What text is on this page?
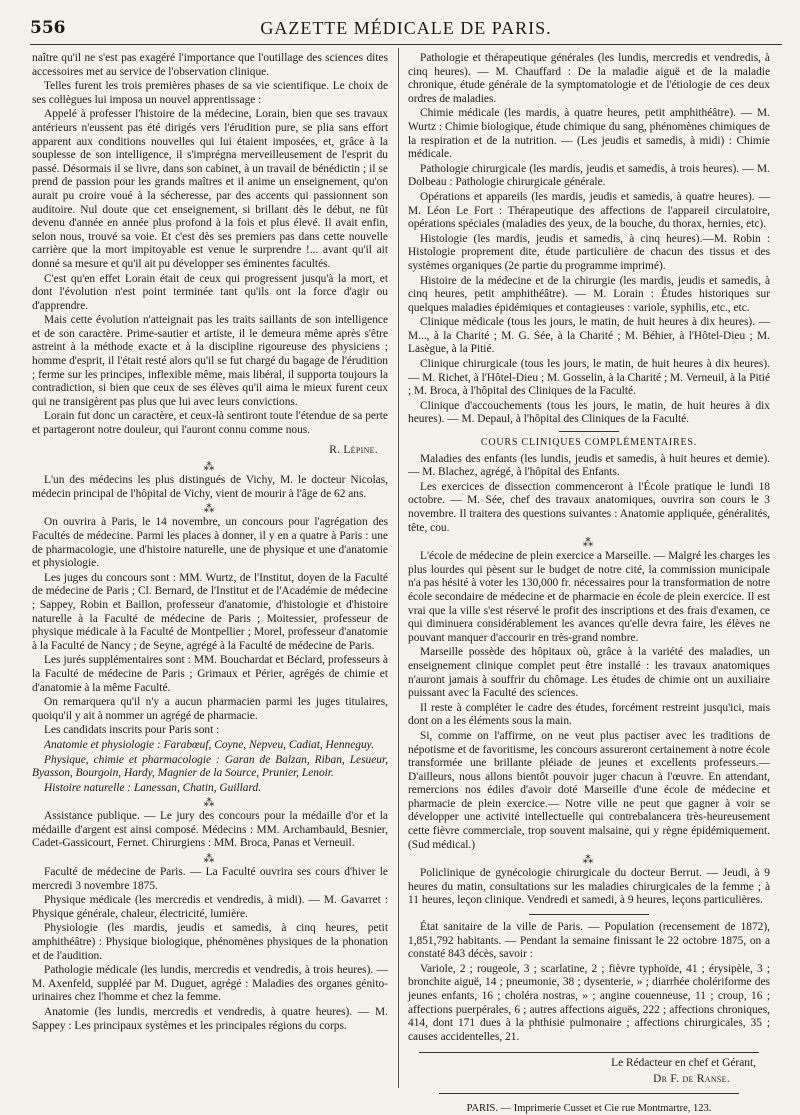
556	GAZETTE MÉDICALE DE PARIS.

naître qu'il ne s'est pas exagéré l'importance que l'outillage des sciences dites accessoires met au service de l'observation clinique.

Telles furent les trois premières phases de sa vie scientifique. Le choix de ses collègues lui imposa un nouvel apprentissage :

Appelé à professer l'histoire de la médecine, Lorain, bien que ses travaux antérieurs n'eussent pas été dirigés vers l'érudition pure, se plia sans effort apparent aux conditions nouvelles qui lui étaient imposées, et, grâce à la souplesse de son intelligence, il s'imprégna merveilleusement de l'esprit du passé. Désormais il se livre, dans son cabinet, à un travail de bénédictin ; il se prend de passion pour les grands maîtres et il anime un enseignement, qu'on aurait pu croire voué à la sécheresse, par des accents qui passionnent son auditoire. Nul doute que cet enseignement, si brillant dès le début, ne fût devenu d'année en année plus profond à la fois et plus élevé. Il avait enfin, selon nous, trouvé sa voie. Et c'est dès ses premiers pas dans cette nouvelle carrière que la mort impitoyable est venue le surprendre !... avant qu'il ait donné sa mesure et qu'il ait pu développer ses éminentes facultés.

C'est qu'en effet Lorain était de ceux qui progressent jusqu'à la mort, et dont l'évolution n'est point terminée tant qu'ils ont la force d'agir ou d'apprendre.

Mais cette évolution n'atteignait pas les traits saillants de son intelligence et de son caractère. Prime-sautier et artiste, il le demeura même après s'être astreint à la méthode exacte et à la discipline rigoureuse des physiciens ; homme d'esprit, il l'était resté alors qu'il se fut chargé du bagage de l'érudition ; ferme sur les principes, inflexible même, mais libéral, il supporta toujours la contradiction, si bien que ceux de ses élèves qu'il aima le mieux furent ceux qui ne transigèrent pas plus que lui avec leurs convictions.

Lorain fut donc un caractère, et ceux-là sentiront toute l'étendue de sa perte et partageront notre douleur, qui l'auront connu comme nous.

R. Lépine.
⁂

L'un des médecins les plus distingués de Vichy, M. le docteur Nicolas, médecin principal de l'hôpital de Vichy, vient de mourir à l'âge de 62 ans.

⁂

On ouvrira à Paris, le 14 novembre, un concours pour l'agrégation des Facultés de médecine. Parmi les places à donner, il y en a quatre à Paris : une de pharmacologie, une d'histoire naturelle, une de physique et une d'anatomie et physiologie.

Les juges du concours sont : MM. Wurtz, de l'Institut, doyen de la Faculté de médecine de Paris ; Cl. Bernard, de l'Institut et de l'Académie de médecine ; Sappey, Robin et Baillon, professeur d'anatomie, d'histologie et d'histoire naturelle à la Faculté de médecine de Paris ; Moitessier, professeur de physique médicale à la Faculté de Montpellier ; Morel, professeur d'anatomie à la Faculté de Nancy ; de Seyne, agrégé à la Faculté de médecine de Paris.

Les jurés supplémentaires sont : MM. Bouchardat et Béclard, professeurs à la Faculté de médecine de Paris ; Grimaux et Périer, agrégés de chimie et d'anatomie à la même Faculté.

On remarquera qu'il n'y a aucun pharmacien parmi les juges titulaires, quoiqu'il y ait à nommer un agrégé de pharmacie.

Les candidats inscrits pour Paris sont :

Anatomie et physiologie : Farabœuf, Coyne, Nepveu, Cadiat, Henneguy.

Physique, chimie et pharmacologie : Garan de Balzan, Riban, Lesueur, Byasson, Bourgoin, Hardy, Magnier de la Source, Prunier, Lenoir.

Histoire naturelle : Lanessan, Chatin, Guillard.

⁂

Assistance publique. — Le jury des concours pour la médaille d'or et la médaille d'argent est ainsi composé. Médecins : MM. Archambauld, Besnier, Cadet-Gassicourt, Fernet. Chirurgiens : MM. Broca, Panas et Verneuil.

⁂

Faculté de médecine de Paris. — La Faculté ouvrira ses cours d'hiver le mercredi 3 novembre 1875.

Physique médicale (les mercredis et vendredis, à midi). — M. Gavarret : Physique générale, chaleur, électricité, lumière.

Physiologie (les mardis, jeudis et samedis, à cinq heures, petit amphithéâtre) : Physique biologique, phénomènes physiques de la phonation et de l'audition.

Pathologie médicale (les lundis, mercredis et vendredis, à trois heures). — M. Axenfeld, suppléé par M. Duguet, agrégé : Maladies des organes génito-urinaires chez l'homme et chez la femme.

Anatomie (les lundis, mercredis et vendredis, à quatre heures). — M. Sappey : Les principaux systèmes et les principales régions du corps.

Pathologie et thérapeutique générales (les lundis, mercredis et vendredis, à cinq heures). — M. Chauffard : De la maladie aiguë et de la maladie chronique, étude générale de la symptomatologie et de l'étiologie de ces deux ordres de maladies.

Chimie médicale (les mardis, à quatre heures, petit amphithéâtre). — M. Wurtz : Chimie biologique, étude chimique du sang, phénomènes chimiques de la respiration et de la nutrition. — (Les jeudis et samedis, à midi) : Chimie médicale.

Pathologie chirurgicale (les mardis, jeudis et samedis, à trois heures). — M. Dolbeau : Pathologie chirurgicale générale.

Opérations et appareils (les mardis, jeudis et samedis, à quatre heures). — M. Léon Le Fort : Thérapeutique des affections de l'appareil circulatoire, opérations spéciales (maladies des yeux, de la bouche, du thorax, hernies, etc).

Histologie (les mardis, jeudis et samedis, à cinq heures).—M. Robin : Histologie proprement dite, étude particulière de chacun des tissus et des systèmes organiques (2e partie du programme imprimé).

Histoire de la médecine et de la chirurgie (les mardis, jeudis et samedis, à cinq heures, petit amphithéâtre). — M. Lorain : Études historiques sur quelques maladies épidémiques et contagieuses : variole, syphilis, etc., etc.

Clinique médicale (tous les jours, le matin, de huit heures à dix heures). — M..., à la Charité ; M. G. Sée, à la Charité ; M. Béhier, à l'Hôtel-Dieu ; M. Lasègue, à la Pitié.

Clinique chirurgicale (tous les jours, le matin, de huit heures à dix heures). — M. Richet, à l'Hôtel-Dieu ; M. Gosselin, à la Charité ; M. Verneuil, à la Pitié ; M. Broca, à l'hôpital des Cliniques de la Faculté.

Clinique d'accouchements (tous les jours, le matin, de huit heures à dix heures). — M. Depaul, à l'hôpital des Cliniques de la Faculté.

COURS CLINIQUES COMPLÉMENTAIRES.

Maladies des enfants (les lundis, jeudis et samedis, à huit heures et demie). — M. Blachez, agrégé, à l'hôpital des Enfants.

Les exercices de dissection commenceront à l'École pratique le lundi 18 octobre. — M. Sée, chef des travaux anatomiques, ouvrira son cours le 3 novembre. Il traitera des questions suivantes : Anatomie appliquée, généralités, tête, cou.

⁂

L'école de médecine de plein exercice a Marseille. — Malgré les charges les plus lourdes qui pèsent sur le budget de notre cité, la commission municipale n'a pas hésité à voter les 130,000 fr. nécessaires pour la transformation de notre école secondaire de médecine et de pharmacie en école de plein exercice. Il est vrai que la ville s'est réservé le profit des inscriptions et des frais d'examen, ce qui diminuera considérablement les avances qu'elle devra faire, les élèves ne pouvant manquer d'accourir en très-grand nombre.

Marseille possède des hôpitaux où, grâce à la variété des maladies, un enseignement clinique complet peut être installé : les travaux anatomiques n'auront jamais à souffrir du chômage. Les études de chimie ont un auxiliaire puissant avec la Faculté des sciences.

Il reste à compléter le cadre des études, forcément restreint jusqu'ici, mais dont on a les éléments sous la main.

Si, comme on l'affirme, on ne veut plus pactiser avec les traditions de népotisme et de favoritisme, les concours assureront certainement à notre école transformée une brillante pléiade de jeunes et excellents professeurs.— D'ailleurs, nous allons bientôt pouvoir juger chacun à l'œuvre. En attendant, remercions nos édiles d'avoir doté Marseille d'une école de médecine et pharmacie de plein exercice.— Notre ville ne peut que gagner à voir se développer une activité intellectuelle qui contrebalancera très-heureusement cette fièvre commerciale, trop souvent malsaine, qui y règne épidémiquement. (Sud médical.)

⁂

Policlinique de gynécologie chirurgicale du docteur Berrut. — Jeudi, à 9 heures du matin, consultations sur les maladies chirurgicales de la femme ; à 11 heures, leçon clinique. Vendredi et samedi, à 9 heures, leçons particulières.

État sanitaire de la ville de Paris. — Population (recensement de 1872), 1,851,792 habitants. — Pendant la semaine finissant le 22 octobre 1875, on a constaté 843 décès, savoir :

Variole, 2 ; rougeole, 3 ; scarlatine, 2 ; fièvre typhoïde, 41 ; érysipèle, 3 ; bronchite aiguë, 14 ; pneumonie, 38 ; dysenterie, » ; diarrhée cholériforme des jeunes enfants, 16 ; choléra nostras, » ; angine couenneuse, 11 ; croup, 16 ; affections puerpérales, 6 ; autres affections aiguës, 222 ; affections chroniques, 414, dont 171 dues à la phthisie pulmonaire ; affections chirurgicales, 35 ; causes accidentelles, 21.

Le Rédacteur en chef et Gérant,
Dr F. de Ranse.
PARIS. — Imprimerie Cusset et Cie rue Montmartre, 123.
